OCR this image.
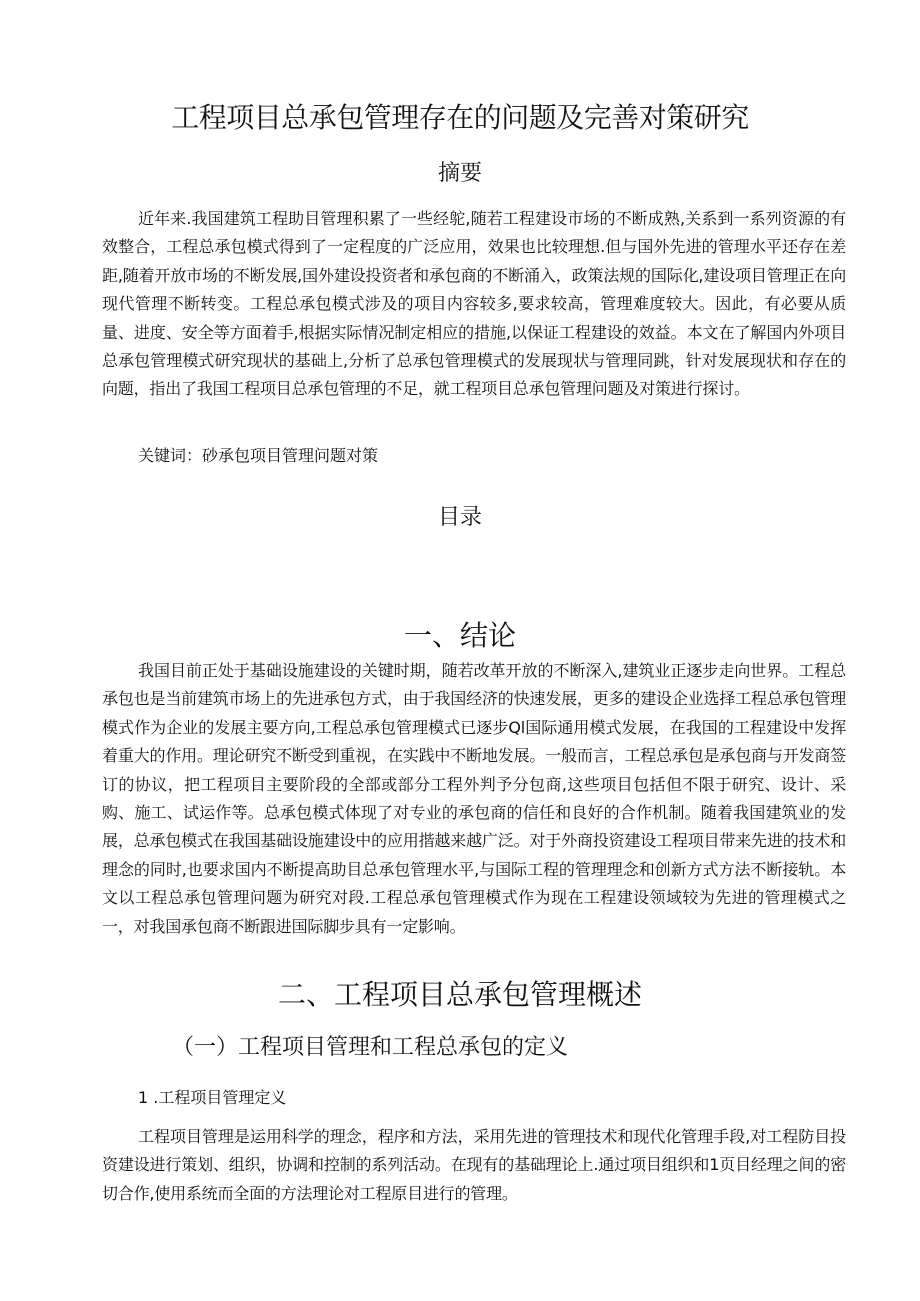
工程项目总承包管理存在的问题及完善对策研究
摘要

近年来.我国建筑工程助目管理积累了一些经鸵,随若工程建设市场的不断成熟,关系到一系列资源的有效整合，工程总承包模式得到了一定程度的广泛应用，效果也比较理想.但与国外先进的管理水平还存在差距,随着开放市场的不断发展,国外建设投资者和承包商的不断涌入，政策法规的国际化,建设项目管理正在向现代管理不断转变。工程总承包模式涉及的项目内容较多,要求较高，管理难度较大。因此，有必要从质量、进度、安全等方面着手,根据实际情况制定相应的措施,以保证工程建设的效益。本文在了解国内外项目总承包管理模式研究现状的基础上,分析了总承包管理模式的发展现状与管理同跳，针对发展现状和存在的向题，指出了我国工程项目总承包管理的不足，就工程项目总承包管理问题及对策进行探讨。

关键词：砂承包项目管理问题对策
目录
一、结论

我国目前正处于基础设施建设的关键时期，随若改革开放的不断深入,建筑业正逐步走向世界。工程总承包也是当前建筑市场上的先进承包方式，由于我国经济的快速发展，更多的建设企业选择工程总承包管理模式作为企业的发展主要方向,工程总承包管理模式已逐步Ql国际通用模式发展，在我国的工程建设中发挥着重大的作用。理论研究不断受到重视，在实践中不断地发展。一般而言，工程总承包是承包商与开发商签订的协议，把工程项目主要阶段的全部或部分工程外判予分包商,这些项目包括但不限于研究、设计、采购、施工、试运作等。总承包模式体现了对专业的承包商的信任和良好的合作机制。随着我国建筑业的发展，总承包模式在我国基础设施建设中的应用揩越来越广泛。对于外商投资建设工程项目带来先进的技术和理念的同时,也要求国内不断提高助目总承包管理水平,与国际工程的管理理念和创新方式方法不断接轨。本文以工程总承包管理问题为研究对段.工程总承包管理模式作为现在工程建设领域较为先进的管理模式之一，对我国承包商不断跟进国际脚步具有一定影响。

二、工程项目总承包管理概述
（一）工程项目管理和工程总承包的定义
1 .工程项目管理定义

工程项目管理是运用科学的理念，程序和方法，采用先进的管理技术和现代化管理手段,对工程防目投资建设进行策划、组织，协调和控制的系列活动。在现有的基础理论上.通过项目组织和1页目经理之间的密切合作,使用系统而全面的方法理论对工程原目进行的管理。
